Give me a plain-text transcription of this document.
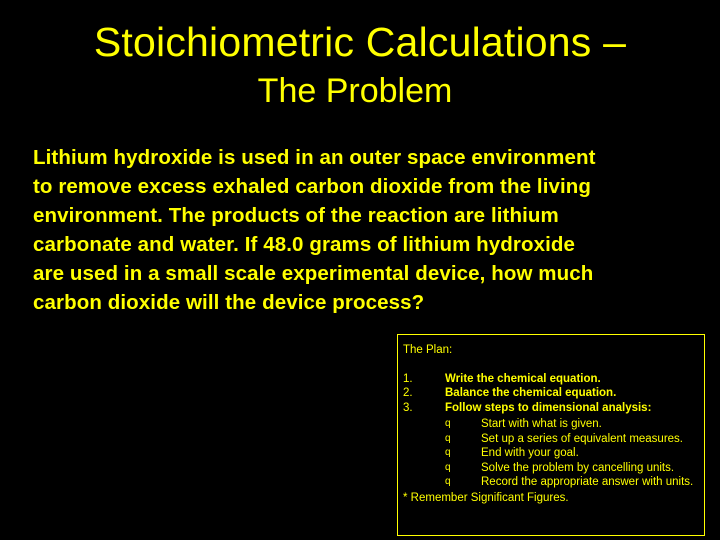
Stoichiometric Calculations –
The Problem
Lithium hydroxide is used in an outer space environment
to remove excess exhaled carbon dioxide from the living
environment. The products of the reaction are lithium
carbonate and water. If 48.0 grams of lithium hydroxide
are used in a small scale experimental device, how much
carbon dioxide will the device process?
The Plan:
1.	Write the chemical equation.
2.	Balance the chemical equation.
3.	Follow steps to dimensional analysis:
q	Start with what is given.
q	Set up a series of equivalent measures.
q	End with your goal.
q	Solve the problem by cancelling units.
q	Record the appropriate answer with units.
* Remember Significant Figures.
